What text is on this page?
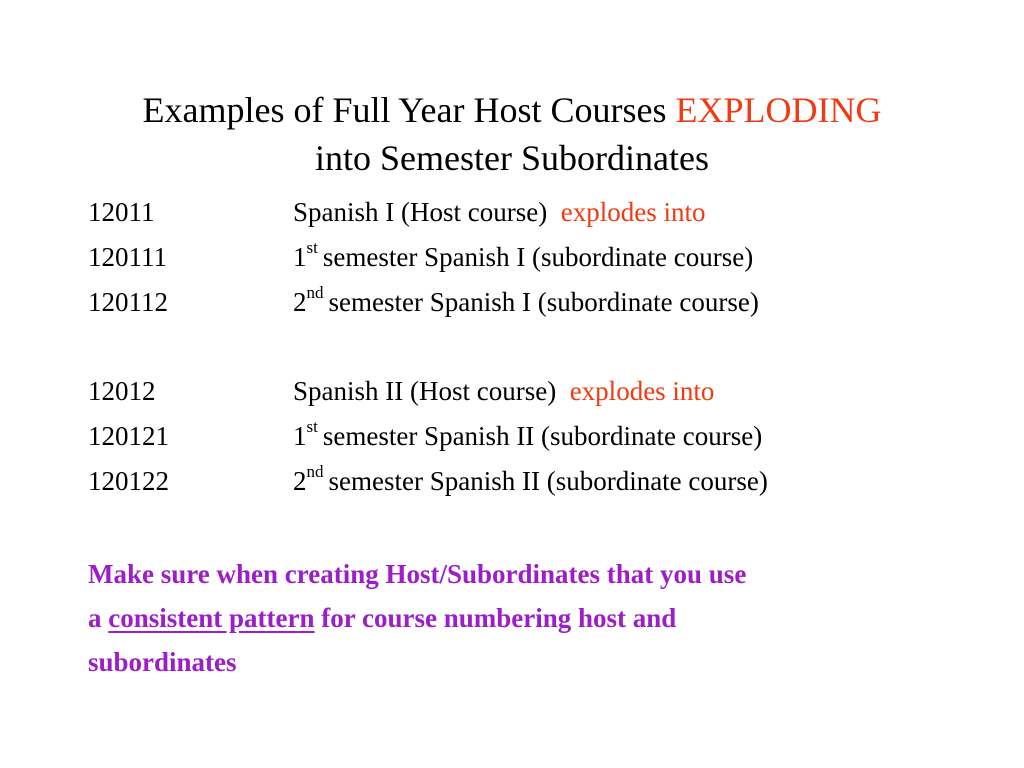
Examples of Full Year Host Courses EXPLODING
into Semester Subordinates
12011	Spanish I (Host course) explodes into
120111	1st semester Spanish I (subordinate course)
120112	2nd semester Spanish I (subordinate course)
12012	Spanish II (Host course) explodes into
120121	1st semester Spanish II (subordinate course)
120122	2nd semester Spanish II (subordinate course)
Make sure when creating Host/Subordinates that you use
a consistent pattern for course numbering host and
subordinates
